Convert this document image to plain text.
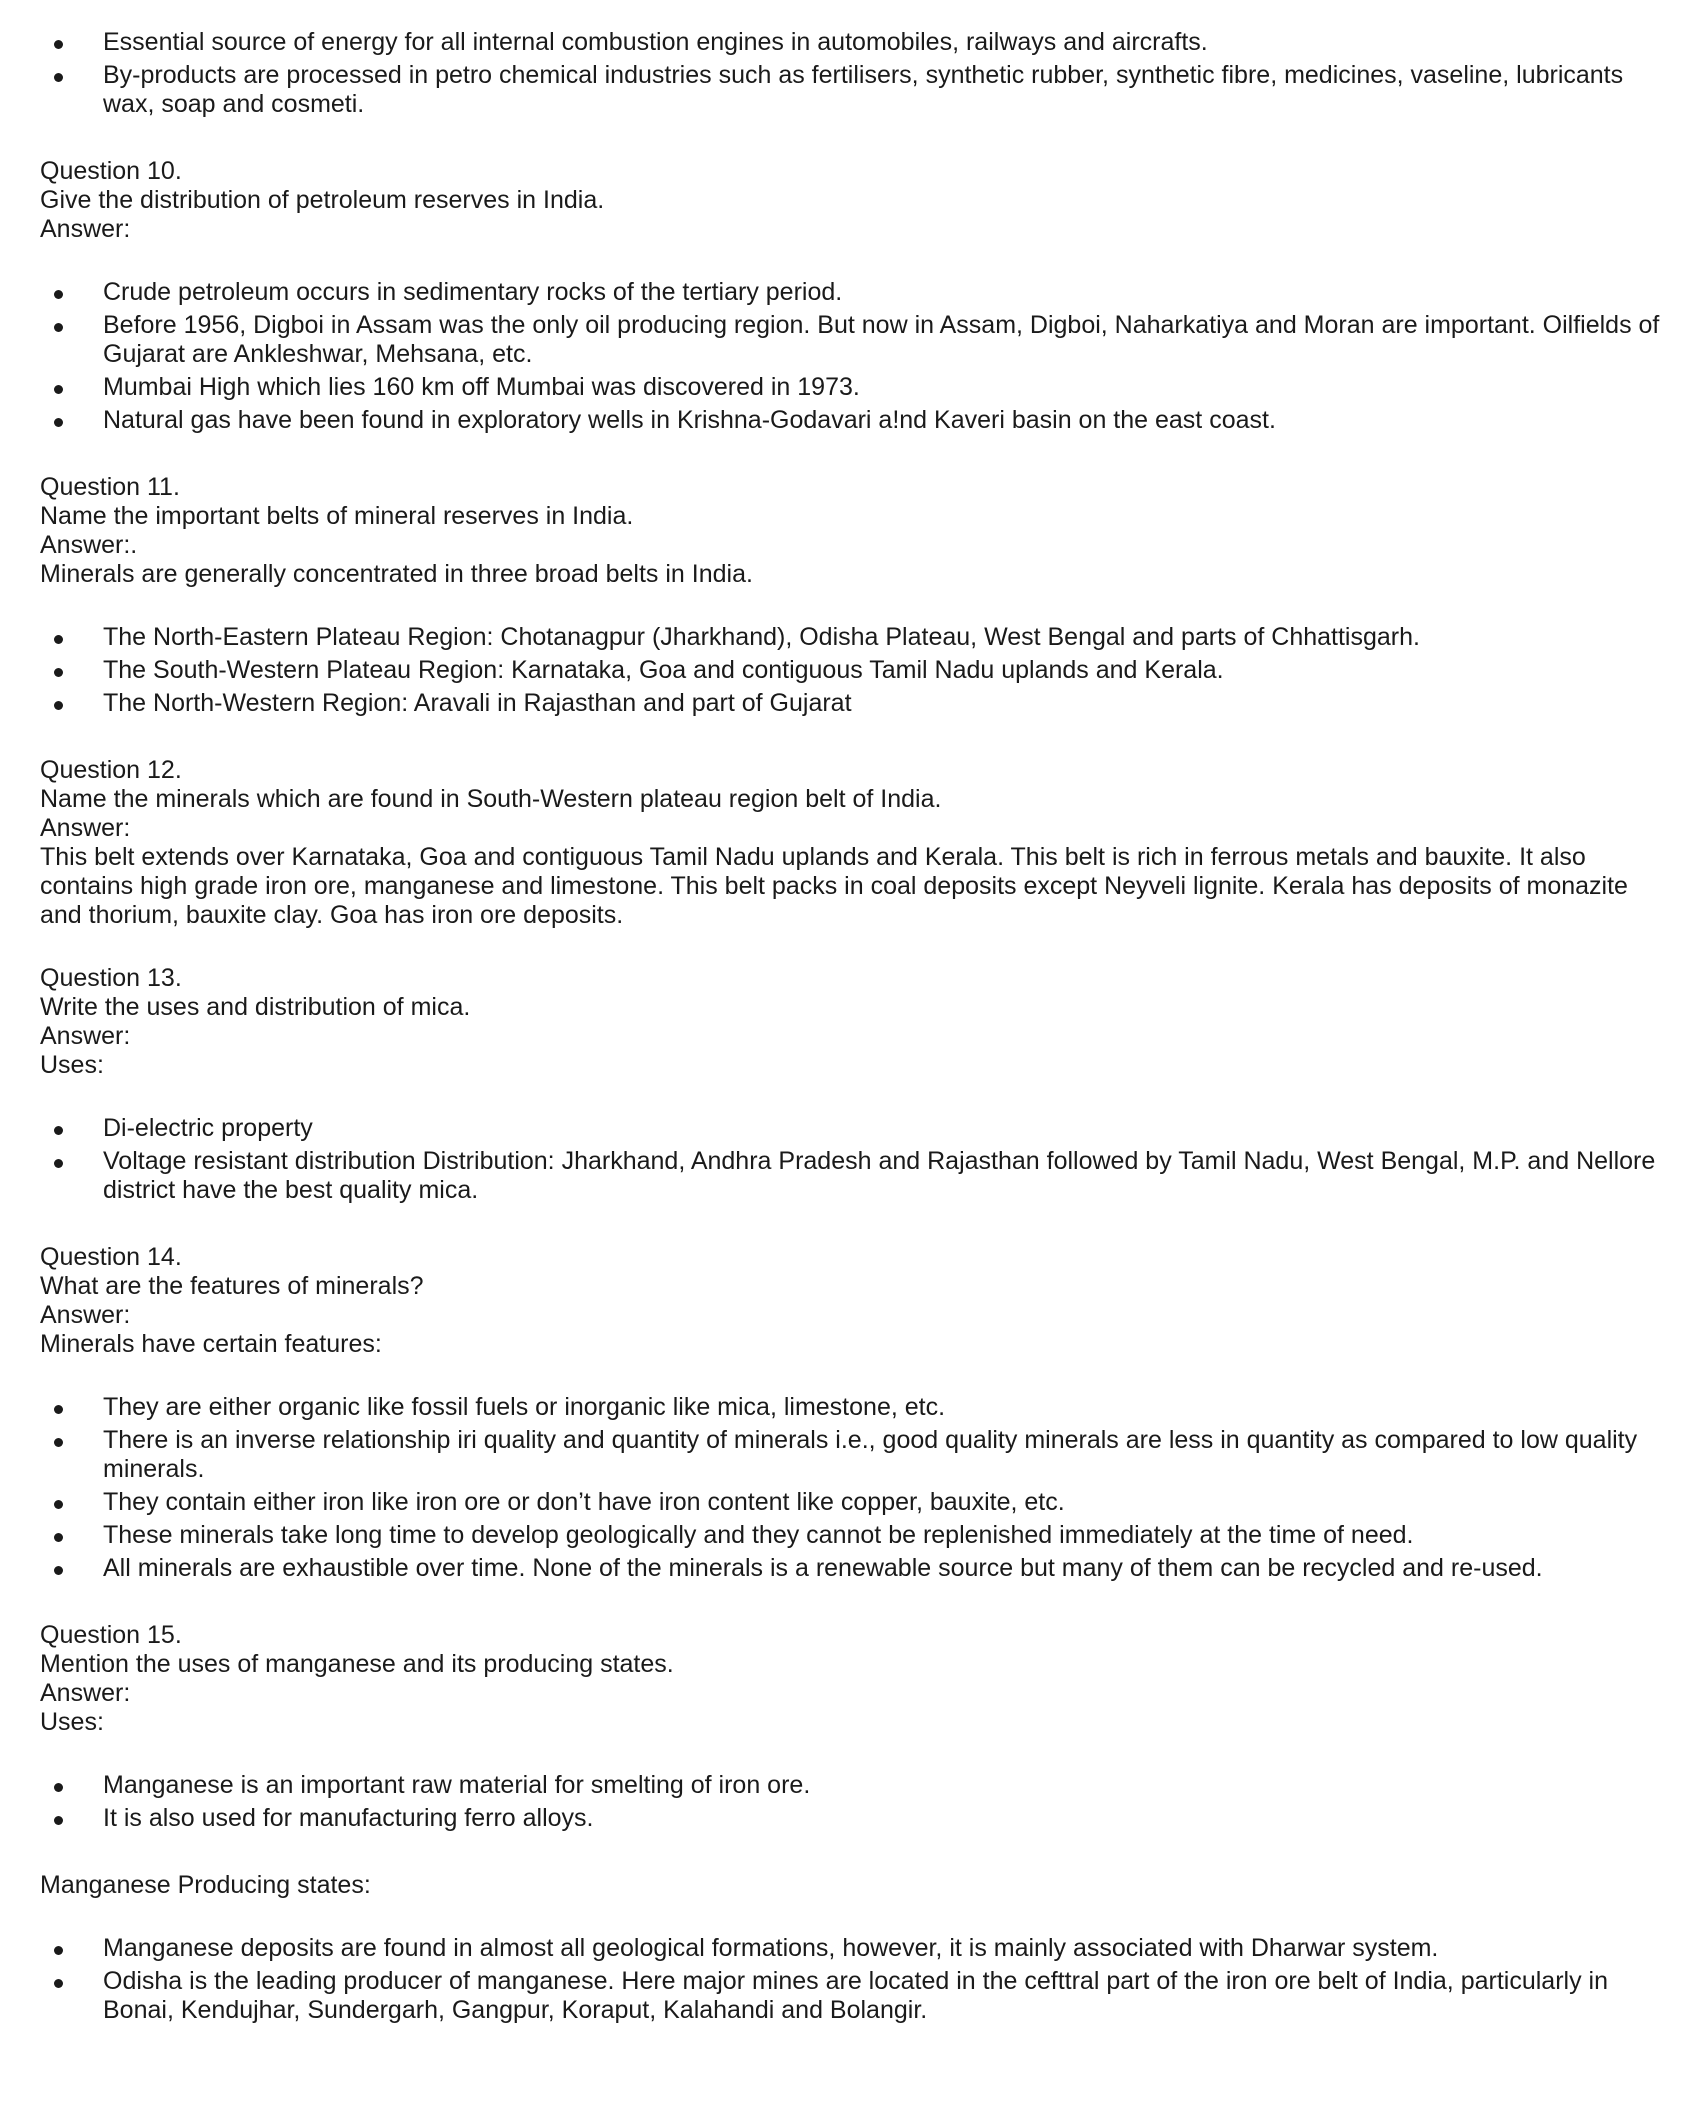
Essential source of energy for all internal combustion engines in automobiles, railways and aircrafts.
By-products are processed in petro chemical industries such as fertilisers, synthetic rubber, synthetic fibre, medicines, vaseline, lubricants wax, soap and cosmeti.
Question 10.
Give the distribution of petroleum reserves in India.
Answer:
Crude petroleum occurs in sedimentary rocks of the tertiary period.
Before 1956, Digboi in Assam was the only oil producing region. But now in Assam, Digboi, Naharkatiya and Moran are important. Oilfields of Gujarat are Ankleshwar, Mehsana, etc.
Mumbai High which lies 160 km off Mumbai was discovered in 1973.
Natural gas have been found in exploratory wells in Krishna-Godavari a!nd Kaveri basin on the east coast.
Question 11.
Name the important belts of mineral reserves in India.
Answer:.
Minerals are generally concentrated in three broad belts in India.
The North-Eastern Plateau Region: Chotanagpur (Jharkhand), Odisha Plateau, West Bengal and parts of Chhattisgarh.
The South-Western Plateau Region: Karnataka, Goa and contiguous Tamil Nadu uplands and Kerala.
The North-Western Region: Aravali in Rajasthan and part of Gujarat
Question 12.
Name the minerals which are found in South-Western plateau region belt of India.
Answer:
This belt extends over Karnataka, Goa and contiguous Tamil Nadu uplands and Kerala. This belt is rich in ferrous metals and bauxite. It also contains high grade iron ore, manganese and limestone. This belt packs in coal deposits except Neyveli lignite. Kerala has deposits of monazite and thorium, bauxite clay. Goa has iron ore deposits.
Question 13.
Write the uses and distribution of mica.
Answer:
Uses:
Di-electric property
Voltage resistant distribution Distribution: Jharkhand, Andhra Pradesh and Rajasthan followed by Tamil Nadu, West Bengal, M.P. and Nellore district have the best quality mica.
Question 14.
What are the features of minerals?
Answer:
Minerals have certain features:
They are either organic like fossil fuels or inorganic like mica, limestone, etc.
There is an inverse relationship iri quality and quantity of minerals i.e., good quality minerals are less in quantity as compared to low quality minerals.
They contain either iron like iron ore or don’t have iron content like copper, bauxite, etc.
These minerals take long time to develop geologically and they cannot be replenished immediately at the time of need.
All minerals are exhaustible over time. None of the minerals is a renewable source but many of them can be recycled and re-used.
Question 15.
Mention the uses of manganese and its producing states.
Answer:
Uses:
Manganese is an important raw material for smelting of iron ore.
It is also used for manufacturing ferro alloys.
Manganese Producing states:
Manganese deposits are found in almost all geological formations, however, it is mainly associated with Dharwar system.
Odisha is the leading producer of manganese. Here major mines are located in the cefttral part of the iron ore belt of India, particularly in Bonai, Kendujhar, Sundergarh, Gangpur, Koraput, Kalahandi and Bolangir.
